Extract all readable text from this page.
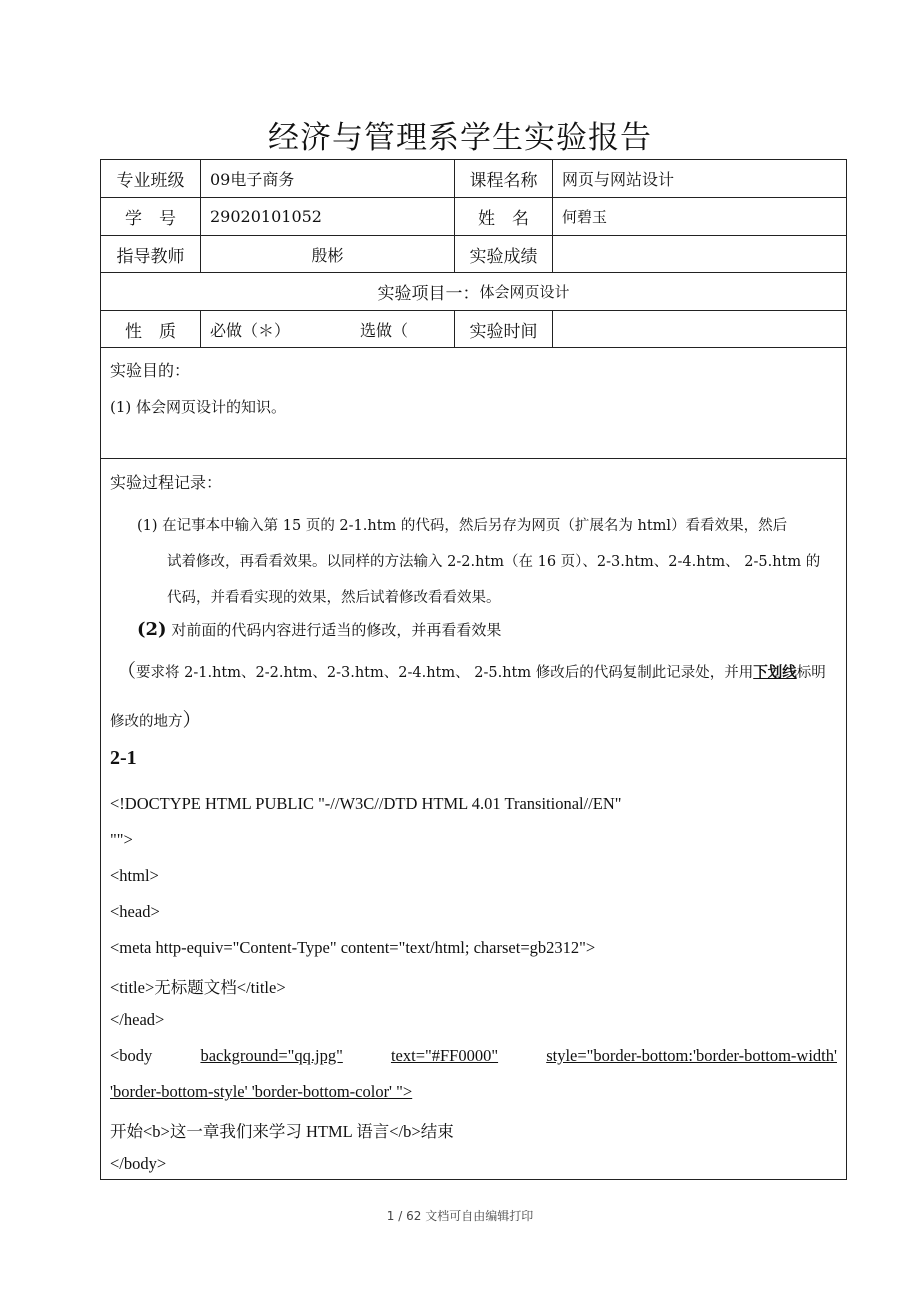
经济与管理系学生实验报告
专业班级	09电子商务	课程名称	网页与网站设计
学　号	29020101052	姓　名	何碧玉
指导教师	殷彬	实验成绩
实验项目一： 体会网页设计
性　质	必做（＊）	选做（	实验时间
实验目的：
(1) 体会网页设计的知识。
实验过程记录：
(1) 在记事本中输入第 15 页的 2-1.htm 的代码，然后另存为网页（扩展名为 html）看看效果，然后
试着修改，再看看效果。以同样的方法输入 2-2.htm（在 16 页）、2-3.htm、2-4.htm、 2-5.htm 的
代码，并看看实现的效果，然后试着修改看看效果。
(2) 对前面的代码内容进行适当的修改，并再看看效果
（要求将 2-1.htm、2-2.htm、2-3.htm、2-4.htm、 2-5.htm 修改后的代码复制此记录处，并用下划线标明
修改的地方）
2-1
<!DOCTYPE HTML PUBLIC "-//W3C//DTD HTML 4.01 Transitional//EN"
"">
<html>
<head>
<meta http-equiv="Content-Type" content="text/html; charset=gb2312">
<title>无标题文档</title>
</head>
<body	background="qq.jpg"	text="#FF0000"	style="border-bottom:'border-bottom-width'
'border-bottom-style' 'border-bottom-color' ">
开始<b>这一章我们来学习 HTML 语言</b>结束
</body>
1 / 62 文档可自由编辑打印
